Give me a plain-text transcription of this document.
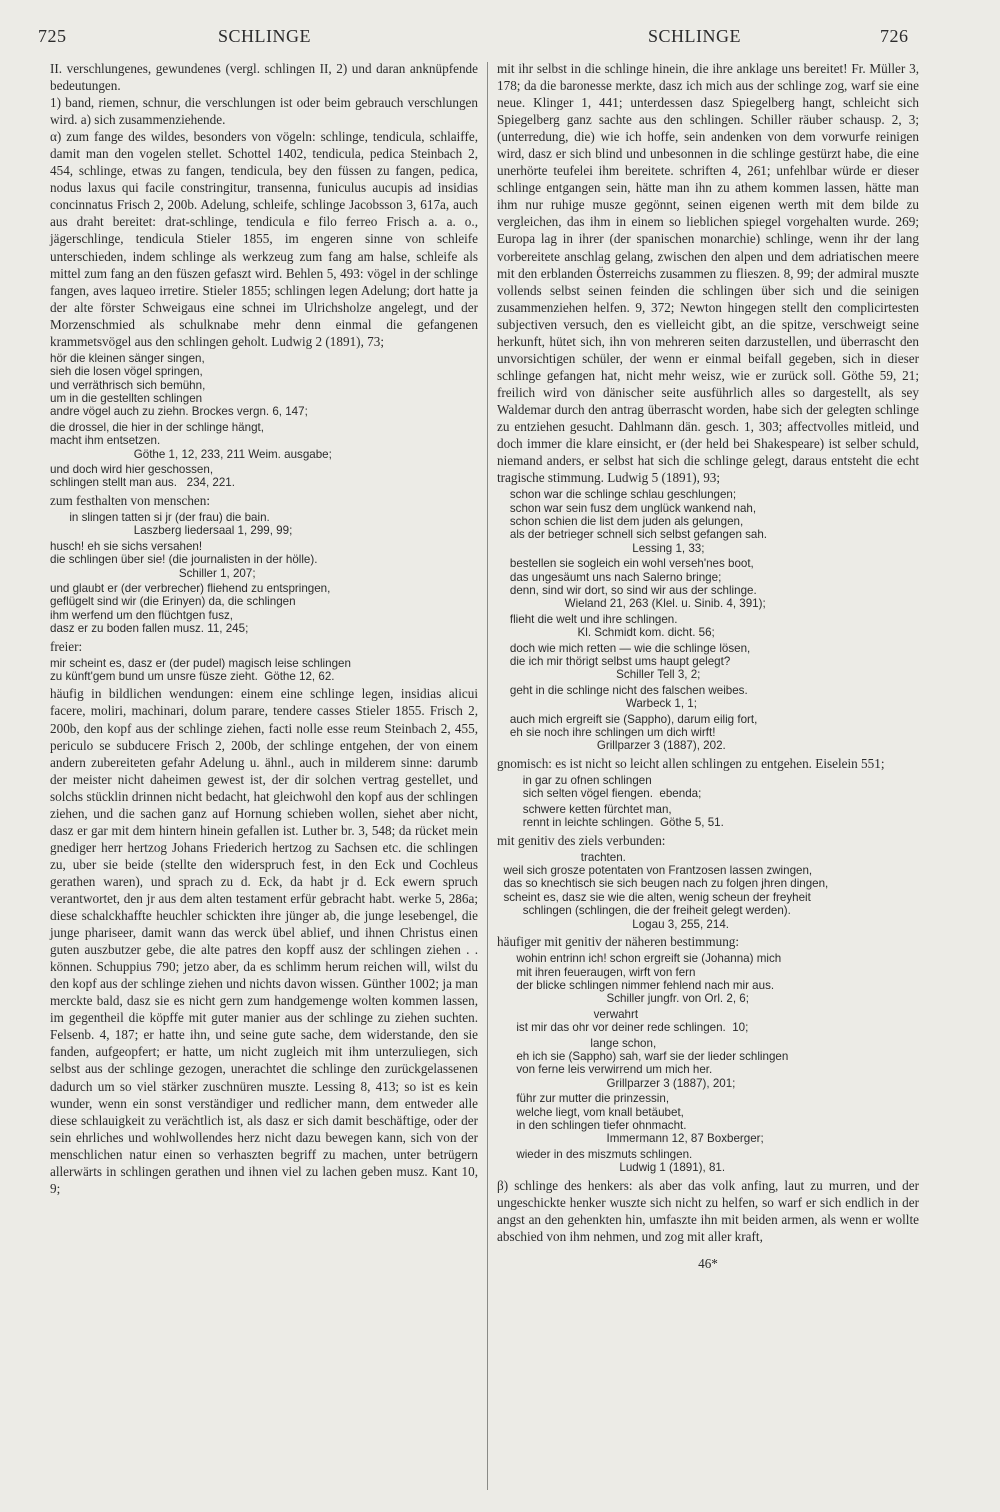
725	SCHLINGE	SCHLINGE	726

II. verschlungenes, gewundenes (vergl. schlingen II, 2) und daran anknüpfende bedeutungen.

1) band, riemen, schnur, die verschlungen ist oder beim gebrauch verschlungen wird. a) sich zusammenziehende.

α) zum fange des wildes, besonders von vögeln: schlinge, tendicula, schlaiffe, damit man den vogelen stellet. Schottel 1402, tendicula, pedica Steinbach 2, 454, schlinge, etwas zu fangen, tendicula, bey den füssen zu fangen, pedica, nodus laxus qui facile constringitur, transenna, funiculus aucupis ad insidias concinnatus Frisch 2, 200b. Adelung, schleife, schlinge Jacobsson 3, 617a, auch aus draht bereitet: drat-schlinge, tendicula e filo ferreo Frisch a. a. o., jägerschlinge, tendicula Stieler 1855, im engeren sinne von schleife unterschieden, indem schlinge als werkzeug zum fang am halse, schleife als mittel zum fang an den füszen gefaszt wird. Behlen 5, 493: vögel in der schlinge fangen, aves laqueo irretire. Stieler 1855; schlingen legen Adelung; dort hatte ja der alte förster Schweigaus eine schnei im Ulrichsholze angelegt, und der Morzenschmied als schulknabe mehr denn einmal die gefangenen krammetsvögel aus den schlingen geholt. Ludwig 2 (1891), 73;

hör die kleinen sänger singen,
sieh die losen vögel springen,
und verräthrisch sich bemühn,
um in die gestellten schlingen
andre vögel auch zu ziehn. Brockes vergn. 6, 147;
die drossel, die hier in der schlinge hängt,
macht ihm entsetzen.
Göthe 1, 12, 233, 211 Weim. ausgabe;
und doch wird hier geschossen,
schlingen stellt man aus.   234, 221.

zum festhalten von menschen:

in slingen tatten si jr (der frau) die bain.
Laszberg liedersaal 1, 299, 99;
husch! eh sie sichs versahen!
die schlingen über sie! (die journalisten in der hölle).
Schiller 1, 207;
und glaubt er (der verbrecher) fliehend zu entspringen,
geflügelt sind wir (die Erinyen) da, die schlingen
ihm werfend um den flüchtgen fusz,
dasz er zu boden fallen musz. 11, 245;

freier:

mir scheint es, dasz er (der pudel) magisch leise schlingen
zu künft'gem bund um unsre füsze zieht.  Göthe 12, 62.

häufig in bildlichen wendungen: einem eine schlinge legen, insidias alicui facere, moliri, machinari, dolum parare, tendere casses Stieler 1855. Frisch 2, 200b, den kopf aus der schlinge ziehen, facti nolle esse reum Steinbach 2, 455, periculo se subducere Frisch 2, 200b, der schlinge entgehen, der von einem andern zubereiteten gefahr Adelung u. ähnl., auch in milderem sinne: darumb der meister nicht daheimen gewest ist, der dir solchen vertrag gestellet, und solchs stücklin drinnen nicht bedacht, hat gleichwohl den kopf aus der schlingen ziehen, und die sachen ganz auf Hornung schieben wollen, siehet aber nicht, dasz er gar mit dem hintern hinein gefallen ist. Luther br. 3, 548; da rücket mein gnediger herr hertzog Johans Friederich hertzog zu Sachsen etc. die schlingen zu, uber sie beide (stellte den widerspruch fest, in den Eck und Cochleus gerathen waren), und sprach zu d. Eck, da habt jr d. Eck ewern spruch verantwortet, den jr aus dem alten testament erfür gebracht habt. werke 5, 286a; diese schalckhaffte heuchler schickten ihre jünger ab, die junge lesebengel, die junge phariseer, damit wann das werck übel ablief, und ihnen Christus einen guten auszbutzer gebe, die alte patres den kopff ausz der schlingen ziehen . . können. Schuppius 790; jetzo aber, da es schlimm herum reichen will, wilst du den kopf aus der schlinge ziehen und nichts davon wissen. Günther 1002; ja man merckte bald, dasz sie es nicht gern zum handgemenge wolten kommen lassen, im gegentheil die köpffe mit guter manier aus der schlinge zu ziehen suchten. Felsenb. 4, 187; er hatte ihn, und seine gute sache, dem widerstande, den sie fanden, aufgeopfert; er hatte, um nicht zugleich mit ihm unterzuliegen, sich selbst aus der schlinge gezogen, unerachtet die schlinge den zurückgelassenen dadurch um so viel stärker zuschnüren muszte. Lessing 8, 413; so ist es kein wunder, wenn ein sonst verständiger und redlicher mann, dem entweder alle diese schlauigkeit zu verächtlich ist, als dasz er sich damit beschäftige, oder der sein ehrliches und wohlwollendes herz nicht dazu bewegen kann, sich von der menschlichen natur einen so verhaszten begriff zu machen, unter betrügern allerwärts in schlingen gerathen und ihnen viel zu lachen geben musz. Kant 10, 9;

mit ihr selbst in die schlinge hinein, die ihre anklage uns bereitet! Fr. Müller 3, 178; da die baronesse merkte, dasz ich mich aus der schlinge zog, warf sie eine neue. Klinger 1, 441; unterdessen dasz Spiegelberg hangt, schleicht sich Spiegelberg ganz sachte aus den schlingen. Schiller räuber schausp. 2, 3; (unterredung, die) wie ich hoffe, sein andenken von dem vorwurfe reinigen wird, dasz er sich blind und unbesonnen in die schlinge gestürzt habe, die eine unerhörte teufelei ihm bereitete. schriften 4, 261; unfehlbar würde er dieser schlinge entgangen sein, hätte man ihn zu athem kommen lassen, hätte man ihm nur ruhige musze gegönnt, seinen eigenen werth mit dem bilde zu vergleichen, das ihm in einem so lieblichen spiegel vorgehalten wurde. 269; Europa lag in ihrer (der spanischen monarchie) schlinge, wenn ihr der lang vorbereitete anschlag gelang, zwischen den alpen und dem adriatischen meere mit den erblanden Österreichs zusammen zu flieszen. 8, 99; der admiral muszte vollends selbst seinen feinden die schlingen über sich und die seinigen zusammenziehen helfen. 9, 372; Newton hingegen stellt den complicirtesten subjectiven versuch, den es vielleicht gibt, an die spitze, verschweigt seine herkunft, hütet sich, ihn von mehreren seiten darzustellen, und überrascht den unvorsichtigen schüler, der wenn er einmal beifall gegeben, sich in dieser schlinge gefangen hat, nicht mehr weisz, wie er zurück soll. Göthe 59, 21; freilich wird von dänischer seite ausführlich alles so dargestellt, als sey Waldemar durch den antrag überrascht worden, habe sich der gelegten schlinge zu entziehen gesucht. Dahlmann dän. gesch. 1, 303; affectvolles mitleid, und doch immer die klare einsicht, er (der held bei Shakespeare) ist selber schuld, niemand anders, er selbst hat sich die schlinge gelegt, daraus entsteht die echt tragische stimmung. Ludwig 5 (1891), 93;

schon war die schlinge schlau geschlungen;
schon war sein fusz dem unglück wankend nah,
schon schien die list dem juden als gelungen,
als der betrieger schnell sich selbst gefangen sah.
Lessing 1, 33;
bestellen sie sogleich ein wohl verseh'nes boot,
das ungesäumt uns nach Salerno bringe;
denn, sind wir dort, so sind wir aus der schlinge.
Wieland 21, 263 (Klel. u. Sinib. 4, 391);
flieht die welt und ihre schlingen.
Kl. Schmidt kom. dicht. 56;
doch wie mich retten — wie die schlinge lösen,
die ich mir thörigt selbst ums haupt gelegt?
Schiller Tell 3, 2;
geht in die schlinge nicht des falschen weibes.
Warbeck 1, 1;
auch mich ergreift sie (Sappho), darum eilig fort,
eh sie noch ihre schlingen um dich wirft!
Grillparzer 3 (1887), 202.

gnomisch: es ist nicht so leicht allen schlingen zu entgehen. Eiselein 551;

in gar zu ofnen schlingen
sich selten vögel fiengen.  ebenda;
schwere ketten fürchtet man,
rennt in leichte schlingen.  Göthe 5, 51.

mit genitiv des ziels verbunden:

trachten.
weil sich grosze potentaten von Frantzosen lassen zwingen,
das so knechtisch sie sich beugen nach zu folgen jhren dingen,
scheint es, dasz sie wie die alten, wenig scheun der freyheit
schlingen (schlingen, die der freiheit gelegt werden).
Logau 3, 255, 214.

häufiger mit genitiv der näheren bestimmung:

wohin entrinn ich! schon ergreift sie (Johanna) mich
mit ihren feueraugen, wirft von fern
der blicke schlingen nimmer fehlend nach mir aus.
Schiller jungfr. von Orl. 2, 6;
verwahrt
ist mir das ohr vor deiner rede schlingen.  10;
lange schon,
eh ich sie (Sappho) sah, warf sie der lieder schlingen
von ferne leis verwirrend um mich her.
Grillparzer 3 (1887), 201;
führ zur mutter die prinzessin,
welche liegt, vom knall betäubet,
in den schlingen tiefer ohnmacht.
Immermann 12, 87 Boxberger;
wieder in des miszmuts schlingen.
Ludwig 1 (1891), 81.

β) schlinge des henkers: als aber das volk anfing, laut zu murren, und der ungeschickte henker wuszte sich nicht zu helfen, so warf er sich endlich in der angst an den gehenkten hin, umfaszte ihn mit beiden armen, als wenn er wollte abschied von ihm nehmen, und zog mit aller kraft,

46*
